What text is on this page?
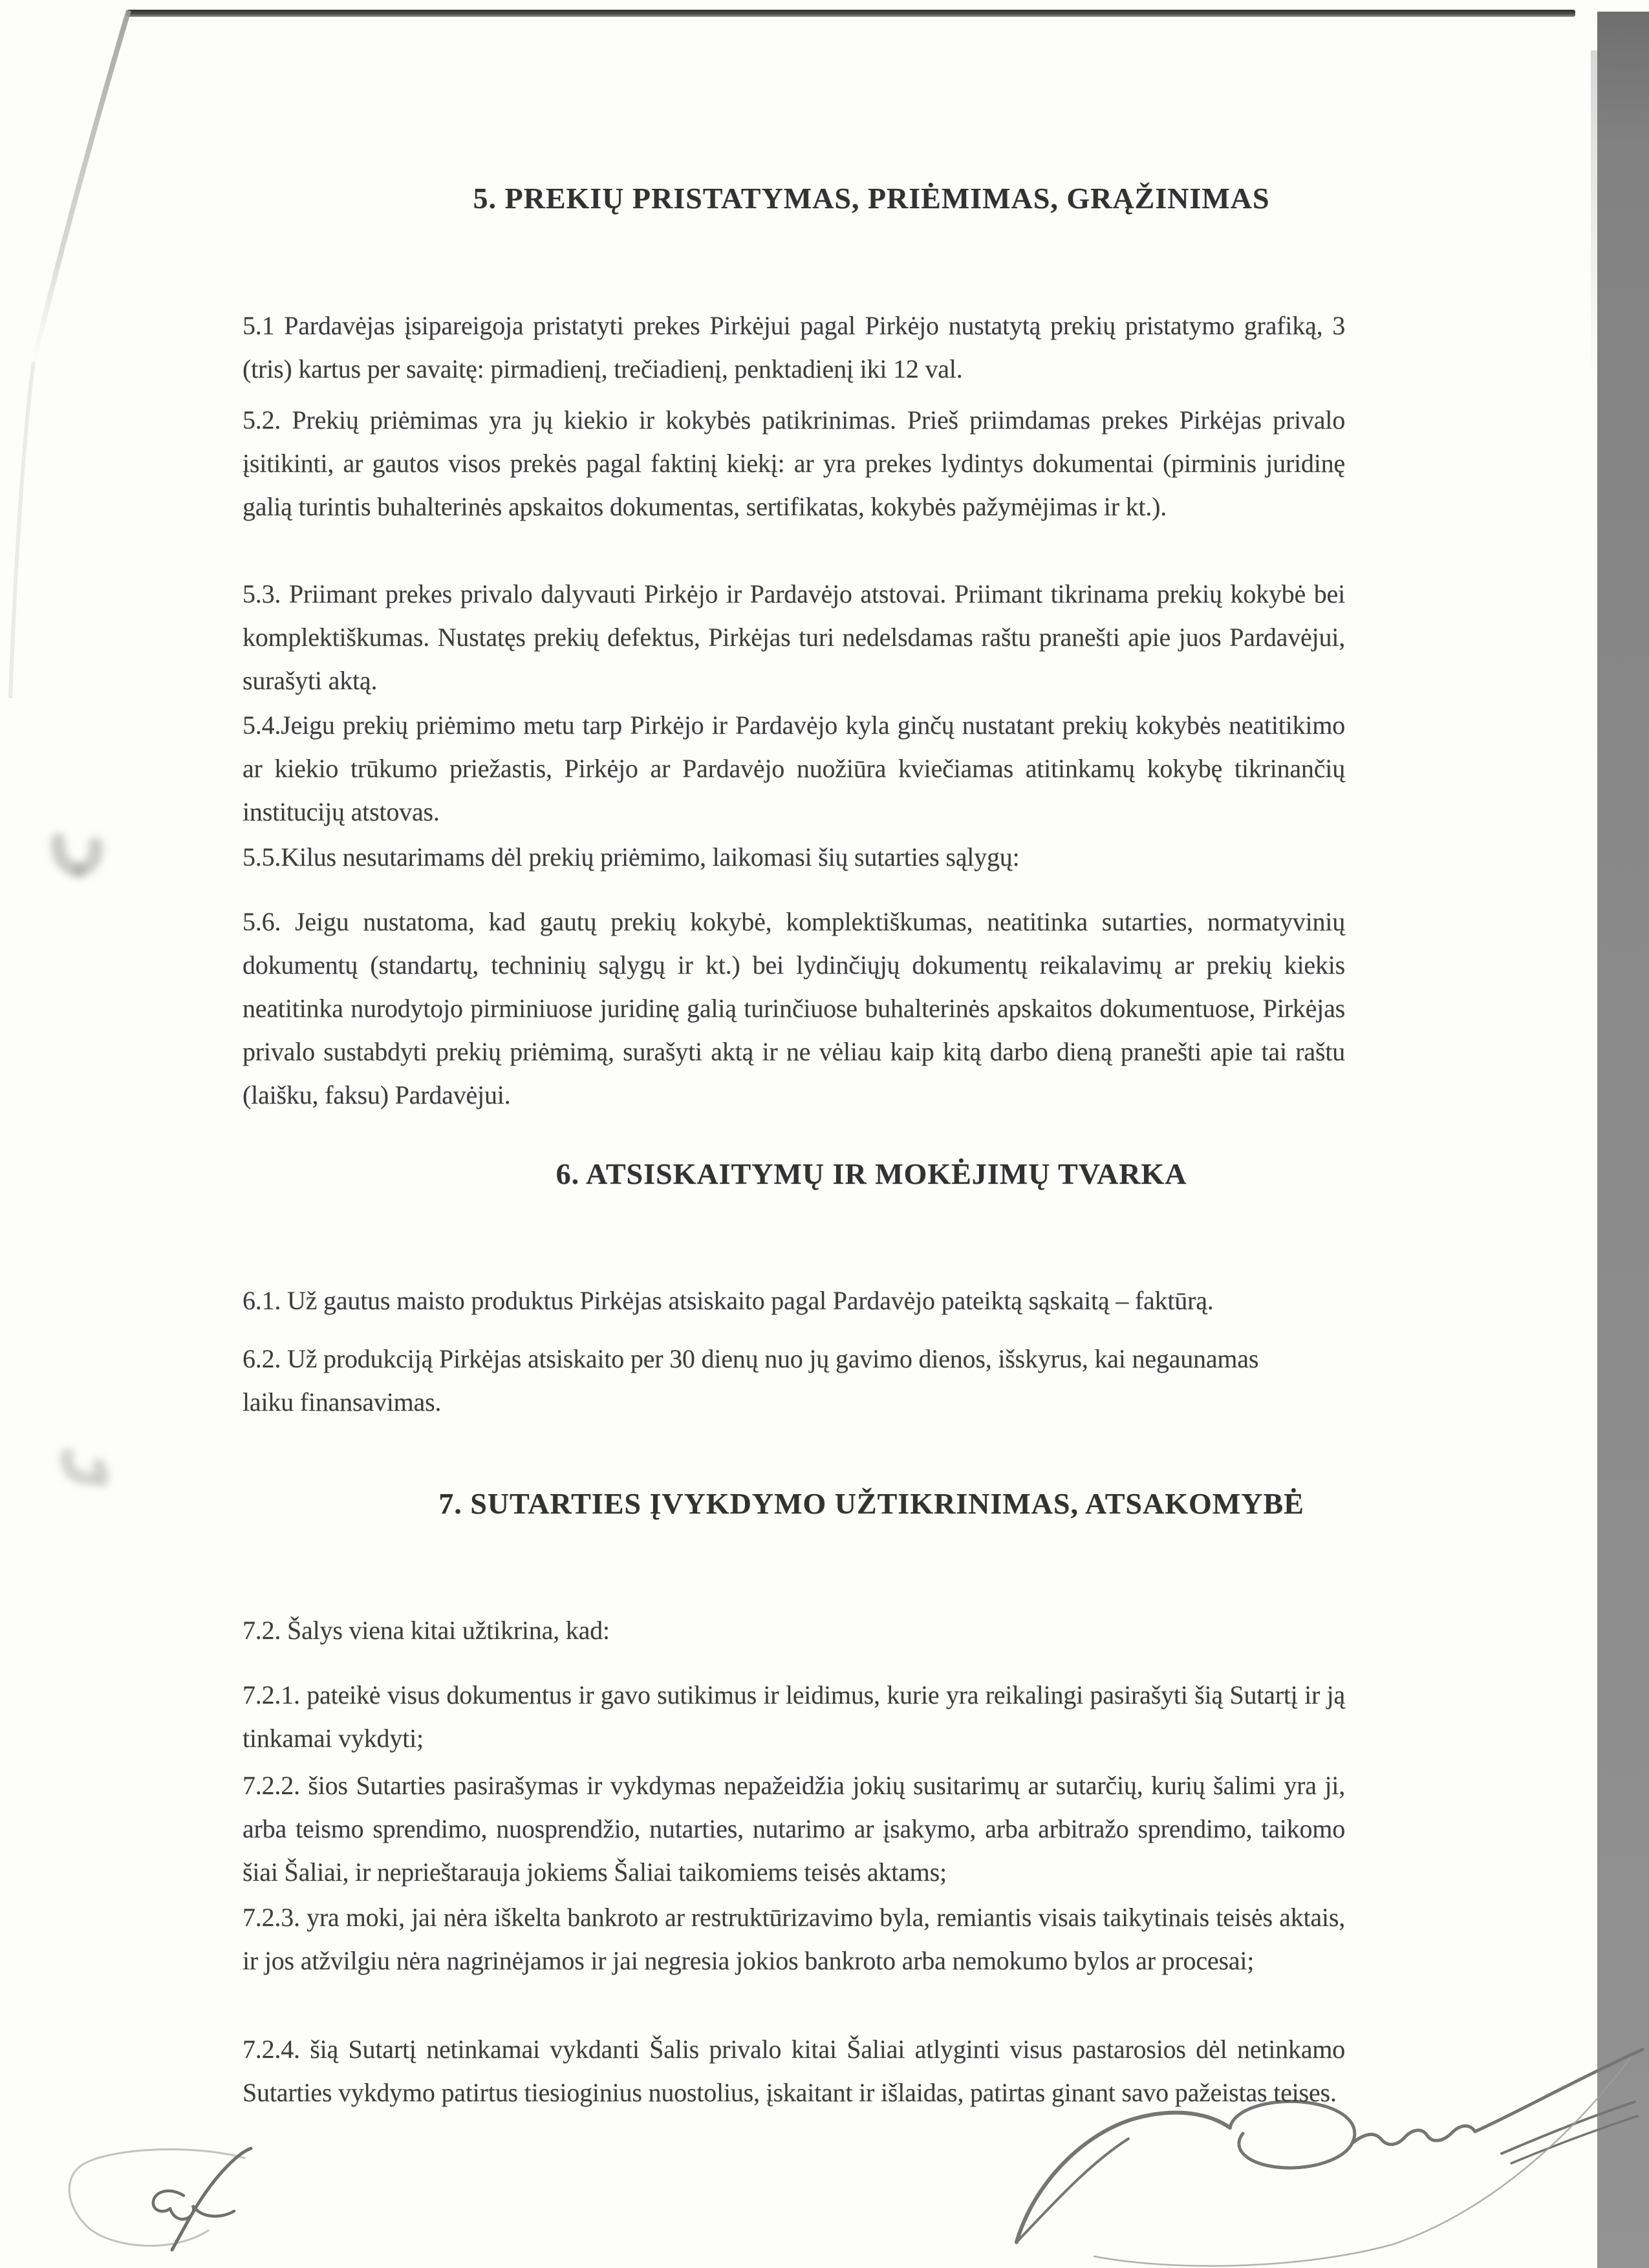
5. PREKIŲ PRISTATYMAS, PRIĖMIMAS, GRĄŽINIMAS

5.1 Pardavėjas įsipareigoja pristatyti prekes Pirkėjui pagal Pirkėjo nustatytą prekių pristatymo grafiką, 3 (tris) kartus per savaitę: pirmadienį, trečiadienį, penktadienį iki 12 val.

5.2. Prekių priėmimas yra jų kiekio ir kokybės patikrinimas. Prieš priimdamas prekes Pirkėjas privalo įsitikinti, ar gautos visos prekės pagal faktinį kiekį: ar yra prekes lydintys dokumentai (pirminis juridinę galią turintis buhalterinės apskaitos dokumentas, sertifikatas, kokybės pažymėjimas ir kt.).

5.3. Priimant prekes privalo dalyvauti Pirkėjo ir Pardavėjo atstovai. Priimant tikrinama prekių kokybė bei komplektiškumas. Nustatęs prekių defektus, Pirkėjas turi nedelsdamas raštu pranešti apie juos Pardavėjui, surašyti aktą.

5.4.Jeigu prekių priėmimo metu tarp Pirkėjo ir Pardavėjo kyla ginčų nustatant prekių kokybės neatitikimo ar kiekio trūkumo priežastis, Pirkėjo ar Pardavėjo nuožiūra kviečiamas atitinkamų kokybę tikrinančių institucijų atstovas.

5.5.Kilus nesutarimams dėl prekių priėmimo, laikomasi šių sutarties sąlygų:

5.6. Jeigu nustatoma, kad gautų prekių kokybė, komplektiškumas, neatitinka sutarties, normatyvinių dokumentų (standartų, techninių sąlygų ir kt.) bei lydinčiųjų dokumentų reikalavimų ar prekių kiekis neatitinka nurodytojo pirminiuose juridinę galią turinčiuose buhalterinės apskaitos dokumentuose, Pirkėjas privalo sustabdyti prekių priėmimą, surašyti aktą ir ne vėliau kaip kitą darbo dieną pranešti apie tai raštu (laišku, faksu) Pardavėjui.

6. ATSISKAITYMŲ IR MOKĖJIMŲ TVARKA

6.1. Už gautus maisto produktus Pirkėjas atsiskaito pagal Pardavėjo pateiktą sąskaitą – faktūrą.

6.2. Už produkciją Pirkėjas atsiskaito per 30 dienų nuo jų gavimo dienos, išskyrus, kai negaunamas laiku finansavimas.

7. SUTARTIES ĮVYKDYMO UŽTIKRINIMAS, ATSAKOMYBĖ

7.2. Šalys viena kitai užtikrina, kad:

7.2.1. pateikė visus dokumentus ir gavo sutikimus ir leidimus, kurie yra reikalingi pasirašyti šią Sutartį ir ją tinkamai vykdyti;

7.2.2. šios Sutarties pasirašymas ir vykdymas nepažeidžia jokių susitarimų ar sutarčių, kurių šalimi yra ji, arba teismo sprendimo, nuosprendžio, nutarties, nutarimo ar įsakymo, arba arbitražo sprendimo, taikomo šiai Šaliai, ir neprieštarauja jokiems Šaliai taikomiems teisės aktams;

7.2.3. yra moki, jai nėra iškelta bankroto ar restruktūrizavimo byla, remiantis visais taikytinais teisės aktais, ir jos atžvilgiu nėra nagrinėjamos ir jai negresia jokios bankroto arba nemokumo bylos ar procesai;

7.2.4. šią Sutartį netinkamai vykdanti Šalis privalo kitai Šaliai atlyginti visus pastarosios dėl netinkamo Sutarties vykdymo patirtus tiesioginius nuostolius, įskaitant ir išlaidas, patirtas ginant savo pažeistas teises.
